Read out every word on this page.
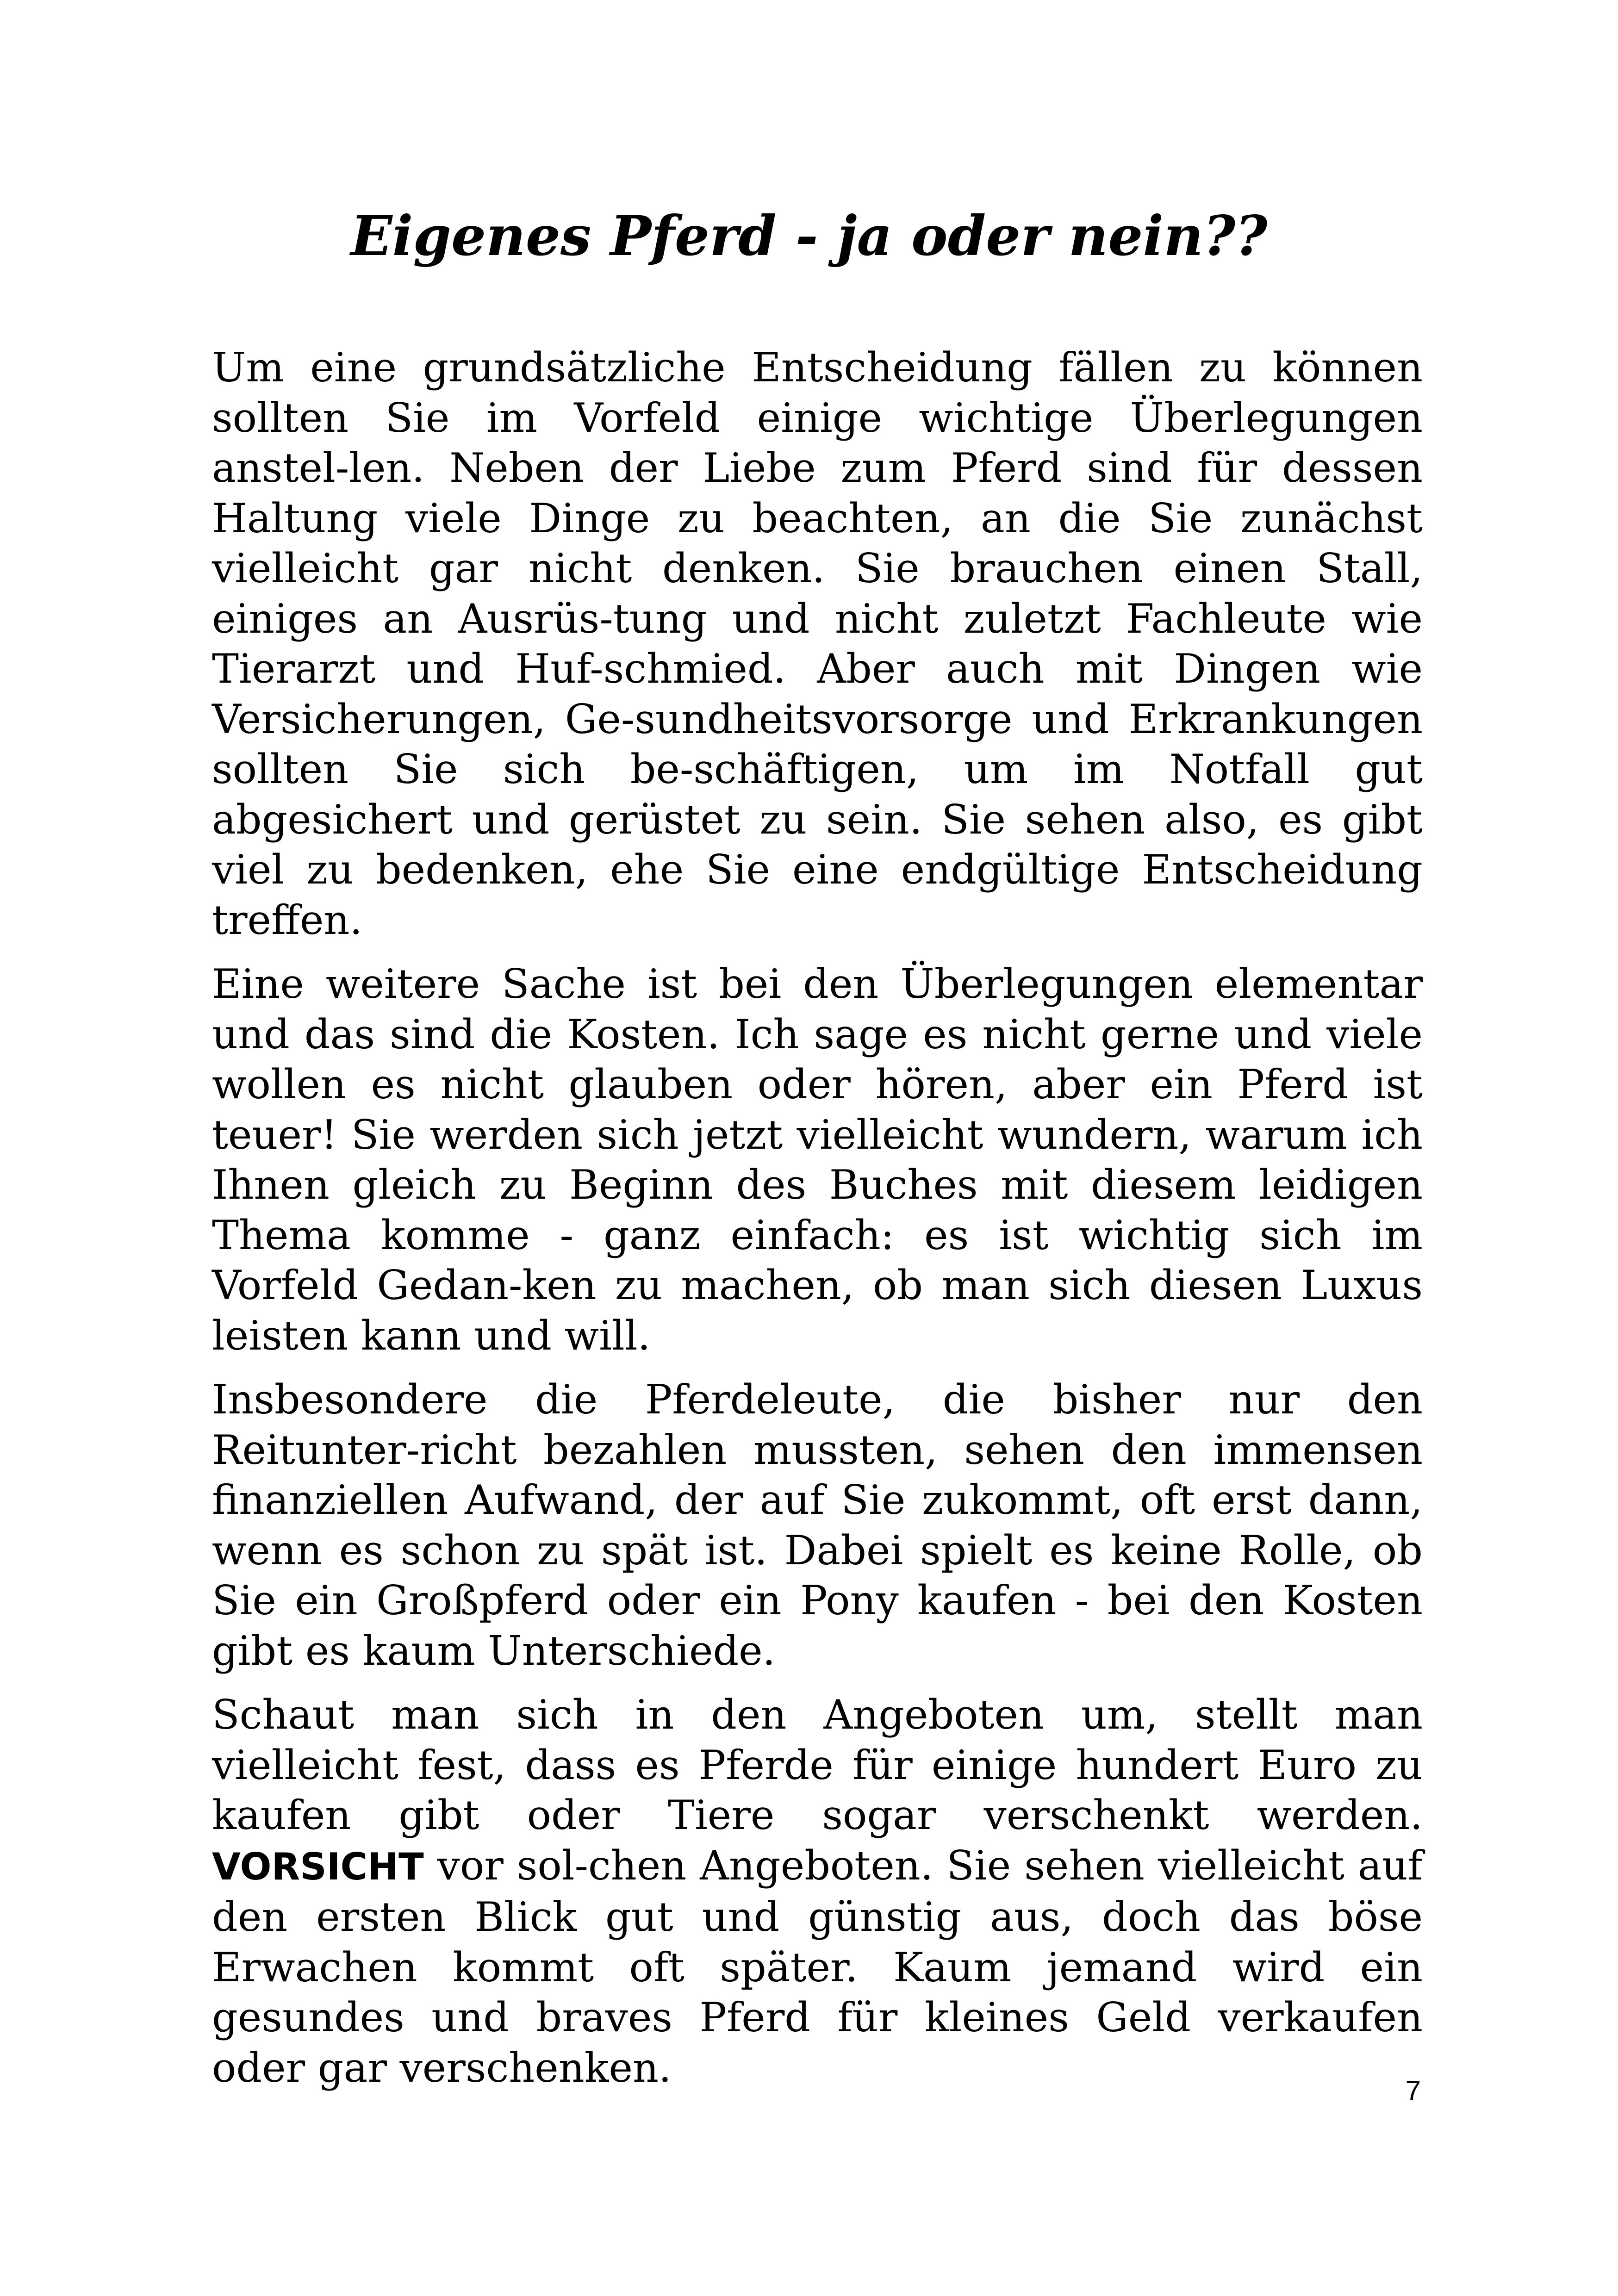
Eigenes Pferd - ja oder nein??

Um eine grundsätzliche Entscheidung fällen zu können sollten Sie im Vorfeld einige wichtige Überlegungen anstel-len. Neben der Liebe zum Pferd sind für dessen Haltung viele Dinge zu beachten, an die Sie zunächst vielleicht gar nicht denken. Sie brauchen einen Stall, einiges an Ausrüs-tung und nicht zuletzt Fachleute wie Tierarzt und Huf-schmied. Aber auch mit Dingen wie Versicherungen, Ge-sundheitsvorsorge und Erkrankungen sollten Sie sich be-schäftigen, um im Notfall gut abgesichert und gerüstet zu sein. Sie sehen also, es gibt viel zu bedenken, ehe Sie eine endgültige Entscheidung treffen.

Eine weitere Sache ist bei den Überlegungen elementar und das sind die Kosten. Ich sage es nicht gerne und viele wollen es nicht glauben oder hören, aber ein Pferd ist teuer! Sie werden sich jetzt vielleicht wundern, warum ich Ihnen gleich zu Beginn des Buches mit diesem leidigen Thema komme - ganz einfach: es ist wichtig sich im Vorfeld Gedan-ken zu machen, ob man sich diesen Luxus leisten kann und will.

Insbesondere die Pferdeleute, die bisher nur den Reitunter-richt bezahlen mussten, sehen den immensen finanziellen Aufwand, der auf Sie zukommt, oft erst dann, wenn es schon zu spät ist. Dabei spielt es keine Rolle, ob Sie ein Großpferd oder ein Pony kaufen - bei den Kosten gibt es kaum Unterschiede.

Schaut man sich in den Angeboten um, stellt man vielleicht fest, dass es Pferde für einige hundert Euro zu kaufen gibt oder Tiere sogar verschenkt werden. VORSICHT vor sol-chen Angeboten. Sie sehen vielleicht auf den ersten Blick gut und günstig aus, doch das böse Erwachen kommt oft später. Kaum jemand wird ein gesundes und braves Pferd für kleines Geld verkaufen oder gar verschenken.	7
